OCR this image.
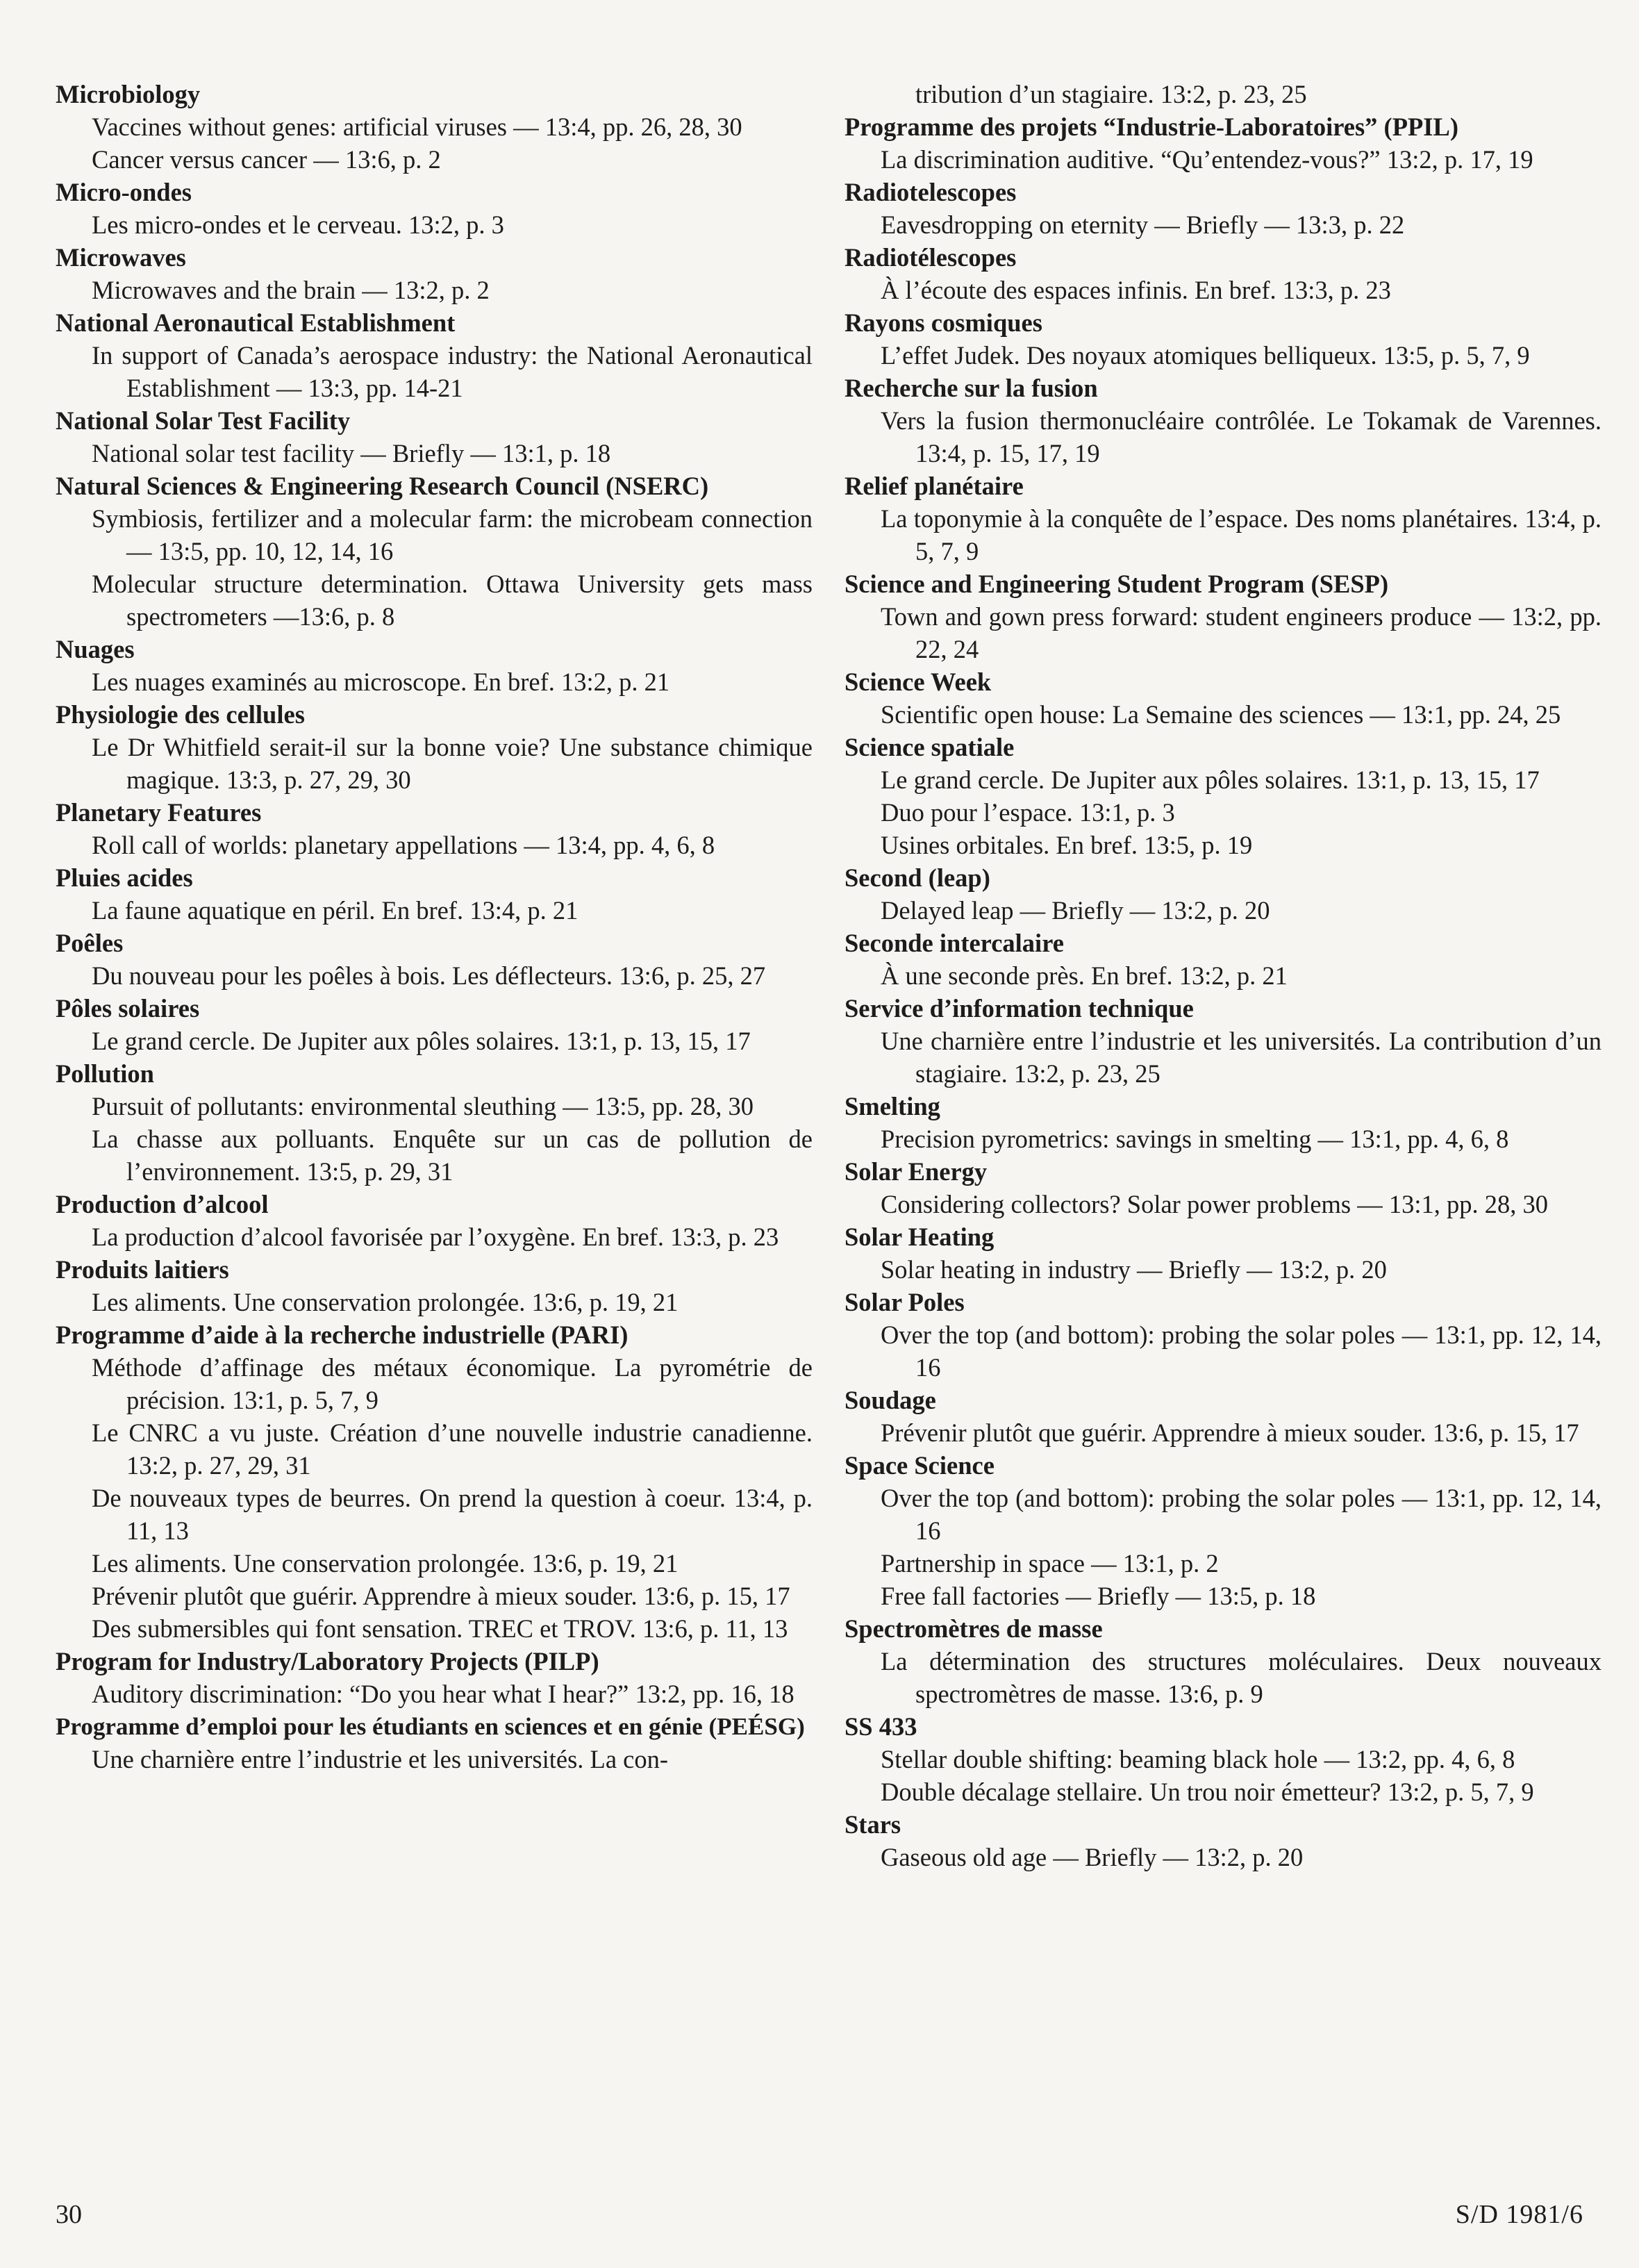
Microbiology
Vaccines without genes: artificial viruses — 13:4, pp. 26, 28, 30
Cancer versus cancer — 13:6, p. 2
Micro-ondes
Les micro-ondes et le cerveau. 13:2, p. 3
Microwaves
Microwaves and the brain — 13:2, p. 2
National Aeronautical Establishment
In support of Canada’s aerospace industry: the National Aeronautical Establishment — 13:3, pp. 14-21
National Solar Test Facility
National solar test facility — Briefly — 13:1, p. 18
Natural Sciences & Engineering Research Council (NSERC)
Symbiosis, fertilizer and a molecular farm: the microbeam connection — 13:5, pp. 10, 12, 14, 16
Molecular structure determination. Ottawa University gets mass spectrometers —13:6, p. 8
Nuages
Les nuages examinés au microscope. En bref. 13:2, p. 21
Physiologie des cellules
Le Dr Whitfield serait-il sur la bonne voie? Une substance chimique magique. 13:3, p. 27, 29, 30
Planetary Features
Roll call of worlds: planetary appellations — 13:4, pp. 4, 6, 8
Pluies acides
La faune aquatique en péril. En bref. 13:4, p. 21
Poêles
Du nouveau pour les poêles à bois. Les déflecteurs. 13:6, p. 25, 27
Pôles solaires
Le grand cercle. De Jupiter aux pôles solaires. 13:1, p. 13, 15, 17
Pollution
Pursuit of pollutants: environmental sleuthing — 13:5, pp. 28, 30
La chasse aux polluants. Enquête sur un cas de pollution de l’environnement. 13:5, p. 29, 31
Production d’alcool
La production d’alcool favorisée par l’oxygène. En bref. 13:3, p. 23
Produits laitiers
Les aliments. Une conservation prolongée. 13:6, p. 19, 21
Programme d’aide à la recherche industrielle (PARI)
Méthode d’affinage des métaux économique. La pyrométrie de précision. 13:1, p. 5, 7, 9
Le CNRC a vu juste. Création d’une nouvelle industrie canadienne. 13:2, p. 27, 29, 31
De nouveaux types de beurres. On prend la question à coeur. 13:4, p. 11, 13
Les aliments. Une conservation prolongée. 13:6, p. 19, 21
Prévenir plutôt que guérir. Apprendre à mieux souder. 13:6, p. 15, 17
Des submersibles qui font sensation. TREC et TROV. 13:6, p. 11, 13
Program for Industry/Laboratory Projects (PILP)
Auditory discrimination: “Do you hear what I hear?” 13:2, pp. 16, 18
Programme d’emploi pour les étudiants en sciences et en génie (PEÉSG)
Une charnière entre l’industrie et les universités. La con-
tribution d’un stagiaire. 13:2, p. 23, 25
Programme des projets “Industrie-Laboratoires” (PPIL)
La discrimination auditive. “Qu’entendez-vous?” 13:2, p. 17, 19
Radiotelescopes
Eavesdropping on eternity — Briefly — 13:3, p. 22
Radiotélescopes
À l’écoute des espaces infinis. En bref. 13:3, p. 23
Rayons cosmiques
L’effet Judek. Des noyaux atomiques belliqueux. 13:5, p. 5, 7, 9
Recherche sur la fusion
Vers la fusion thermonucléaire contrôlée. Le Tokamak de Varennes. 13:4, p. 15, 17, 19
Relief planétaire
La toponymie à la conquête de l’espace. Des noms planétaires. 13:4, p. 5, 7, 9
Science and Engineering Student Program (SESP)
Town and gown press forward: student engineers produce — 13:2, pp. 22, 24
Science Week
Scientific open house: La Semaine des sciences — 13:1, pp. 24, 25
Science spatiale
Le grand cercle. De Jupiter aux pôles solaires. 13:1, p. 13, 15, 17
Duo pour l’espace. 13:1, p. 3
Usines orbitales. En bref. 13:5, p. 19
Second (leap)
Delayed leap — Briefly — 13:2, p. 20
Seconde intercalaire
À une seconde près. En bref. 13:2, p. 21
Service d’information technique
Une charnière entre l’industrie et les universités. La contribution d’un stagiaire. 13:2, p. 23, 25
Smelting
Precision pyrometrics: savings in smelting — 13:1, pp. 4, 6, 8
Solar Energy
Considering collectors? Solar power problems — 13:1, pp. 28, 30
Solar Heating
Solar heating in industry — Briefly — 13:2, p. 20
Solar Poles
Over the top (and bottom): probing the solar poles — 13:1, pp. 12, 14, 16
Soudage
Prévenir plutôt que guérir. Apprendre à mieux souder. 13:6, p. 15, 17
Space Science
Over the top (and bottom): probing the solar poles — 13:1, pp. 12, 14, 16
Partnership in space — 13:1, p. 2
Free fall factories — Briefly — 13:5, p. 18
Spectromètres de masse
La détermination des structures moléculaires. Deux nouveaux spectromètres de masse. 13:6, p. 9
SS 433
Stellar double shifting: beaming black hole — 13:2, pp. 4, 6, 8
Double décalage stellaire. Un trou noir émetteur? 13:2, p. 5, 7, 9
Stars
Gaseous old age — Briefly — 13:2, p. 20
30	S/D 1981/6
